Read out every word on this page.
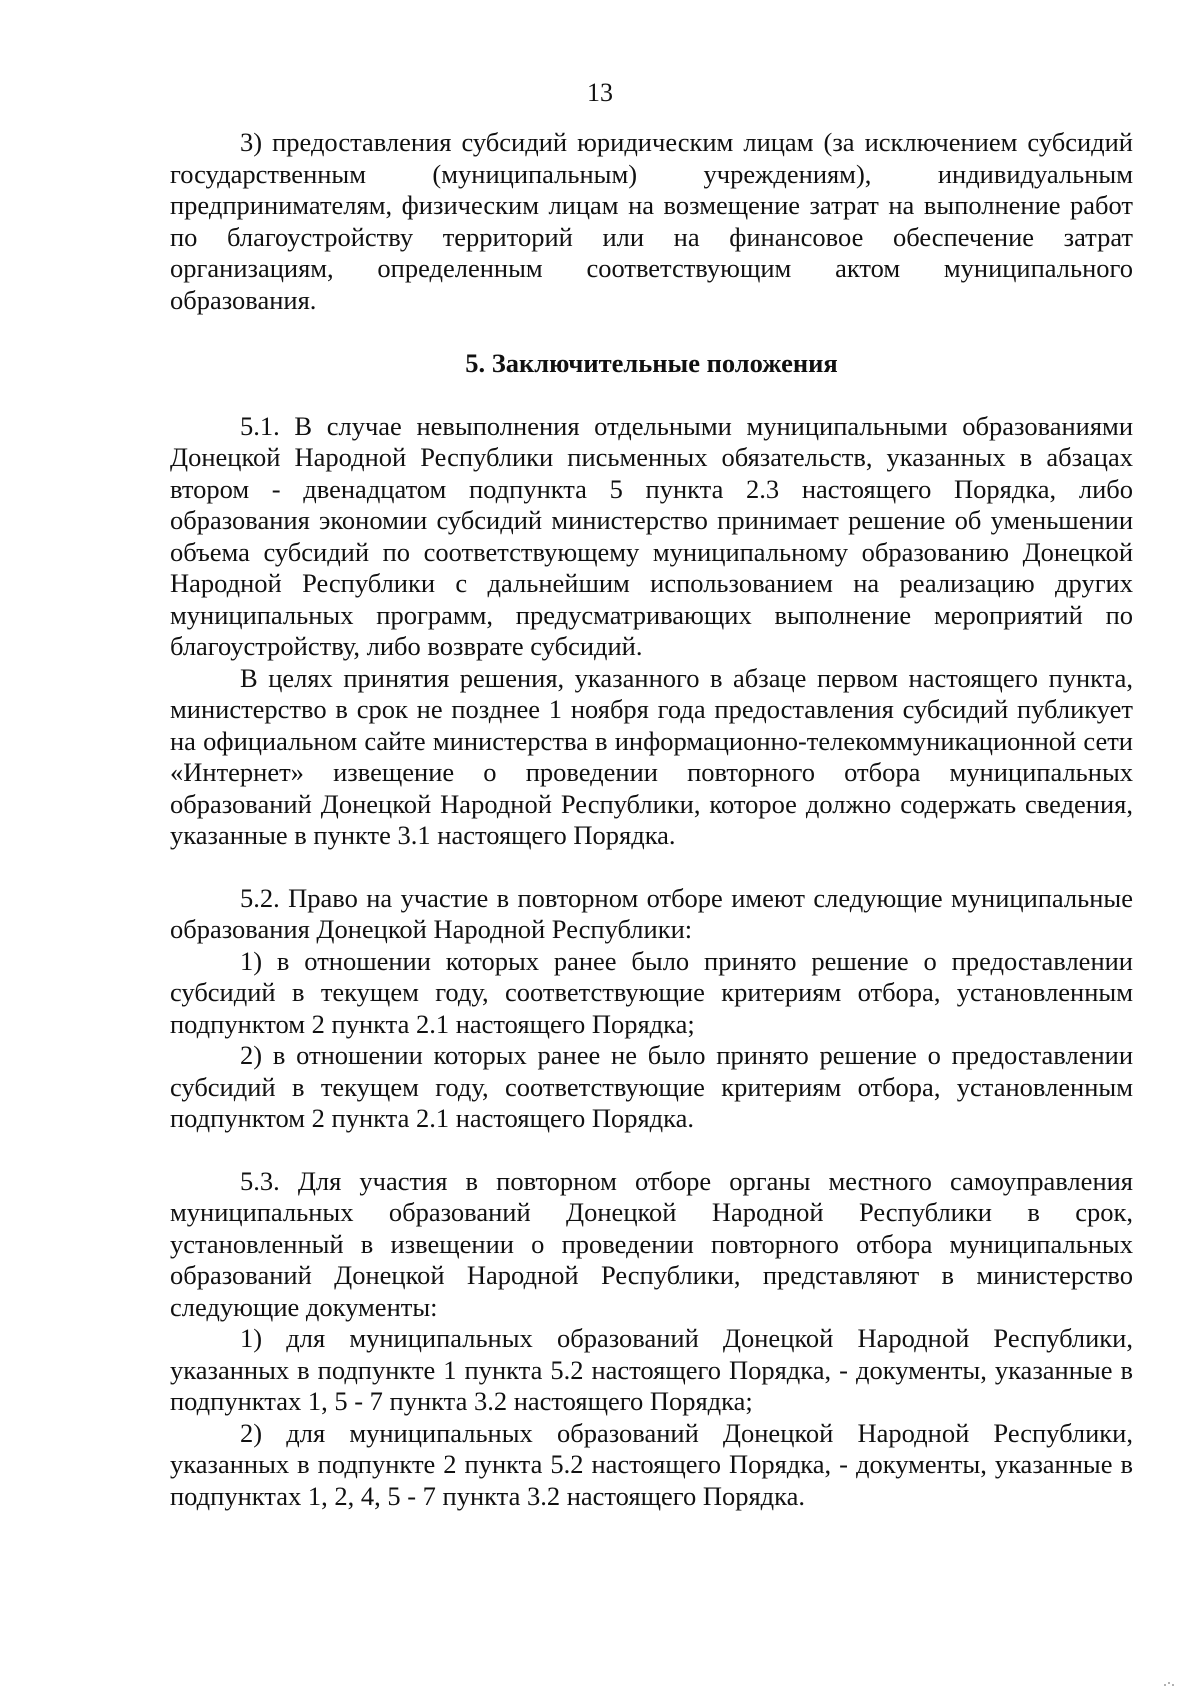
13

3) предоставления субсидий юридическим лицам (за исключением субсидий государственным (муниципальным) учреждениям), индивидуальным предпринимателям, физическим лицам на возмещение затрат на выполнение работ по благоустройству территорий или на финансовое обеспечение затрат организациям, определенным соответствующим актом муниципального образования.

5. Заключительные положения

5.1. В случае невыполнения отдельными муниципальными образованиями Донецкой Народной Республики письменных обязательств, указанных в абзацах втором - двенадцатом подпункта 5 пункта 2.3 настоящего Порядка, либо образования экономии субсидий министерство принимает решение об уменьшении объема субсидий по соответствующему муниципальному образованию Донецкой Народной Республики с дальнейшим использованием на реализацию других муниципальных программ, предусматривающих выполнение мероприятий по благоустройству, либо возврате субсидий.

В целях принятия решения, указанного в абзаце первом настоящего пункта, министерство в срок не позднее 1 ноября года предоставления субсидий публикует на официальном сайте министерства в информационно-телекоммуникационной сети «Интернет» извещение о проведении повторного отбора муниципальных образований Донецкой Народной Республики, которое должно содержать сведения, указанные в пункте 3.1 настоящего Порядка.

5.2. Право на участие в повторном отборе имеют следующие муниципальные образования Донецкой Народной Республики:

1) в отношении которых ранее было принято решение о предоставлении субсидий в текущем году, соответствующие критериям отбора, установленным подпунктом 2 пункта 2.1 настоящего Порядка;

2) в отношении которых ранее не было принято решение о предоставлении субсидий в текущем году, соответствующие критериям отбора, установленным подпунктом 2 пункта 2.1 настоящего Порядка.

5.3. Для участия в повторном отборе органы местного самоуправления муниципальных образований Донецкой Народной Республики в срок, установленный в извещении о проведении повторного отбора муниципальных образований Донецкой Народной Республики, представляют в министерство следующие документы:

1) для муниципальных образований Донецкой Народной Республики, указанных в подпункте 1 пункта 5.2 настоящего Порядка, - документы, указанные в подпунктах 1, 5 - 7 пункта 3.2 настоящего Порядка;

2) для муниципальных образований Донецкой Народной Республики, указанных в подпункте 2 пункта 5.2 настоящего Порядка, - документы, указанные в подпунктах 1, 2, 4, 5 - 7 пункта 3.2 настоящего Порядка.
